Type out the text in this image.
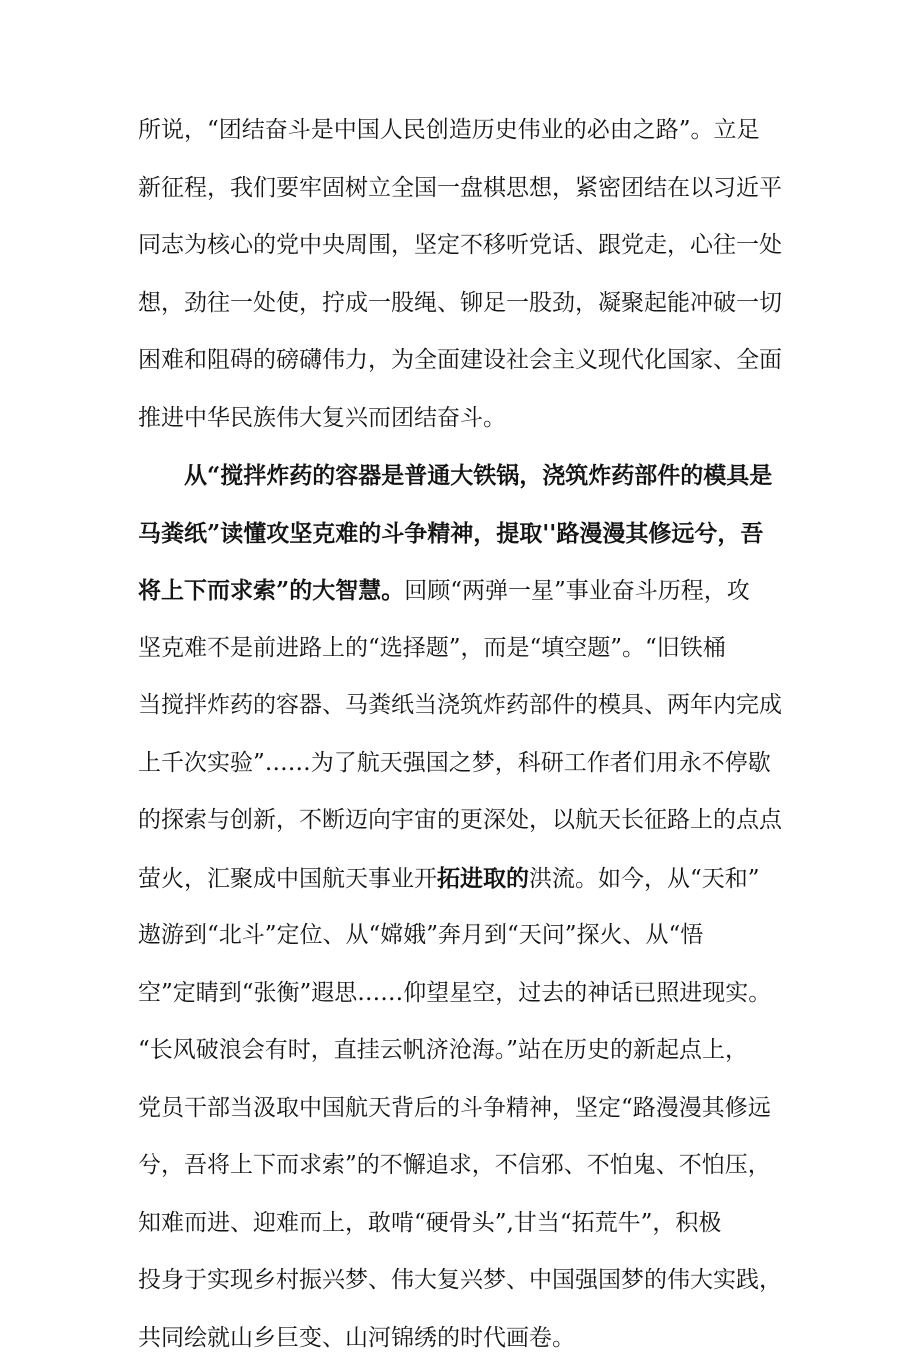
所说，“团结奋斗是中国人民创造历史伟业的必由之路”。立足
新征程，我们要牢固树立全国一盘棋思想，紧密团结在以习近平
同志为核心的党中央周围，坚定不移听党话、跟党走，心往一处
想，劲往一处使，拧成一股绳、铆足一股劲，凝聚起能冲破一切
困难和阻碍的磅礴伟力，为全面建设社会主义现代化国家、全面
推进中华民族伟大复兴而团结奋斗。
从“搅拌炸药的容器是普通大铁锅，浇筑炸药部件的模具是
马粪纸”读懂攻坚克难的斗争精神，提取''路漫漫其修远兮，吾
将上下而求索”的大智慧。回顾“两弹一星”事业奋斗历程，攻
坚克难不是前进路上的“选择题”，而是“填空题”。“旧铁桶
当搅拌炸药的容器、马粪纸当浇筑炸药部件的模具、两年内完成
上千次实验”……为了航天强国之梦，科研工作者们用永不停歇
的探索与创新，不断迈向宇宙的更深处，以航天长征路上的点点
萤火，汇聚成中国航天事业开拓进取的洪流。如今，从“天和”
遨游到“北斗”定位、从“嫦娥”奔月到“天问”探火、从“悟
空”定睛到“张衡”遐思……仰望星空，过去的神话已照进现实。
“长风破浪会有时，直挂云帆济沧海。”站在历史的新起点上，
党员干部当汲取中国航天背后的斗争精神，坚定“路漫漫其修远
兮，吾将上下而求索”的不懈追求，不信邪、不怕鬼、不怕压，
知难而进、迎难而上，敢啃“硬骨头”,甘当“拓荒牛”，积极
投身于实现乡村振兴梦、伟大复兴梦、中国强国梦的伟大实践，
共同绘就山乡巨变、山河锦绣的时代画卷。
